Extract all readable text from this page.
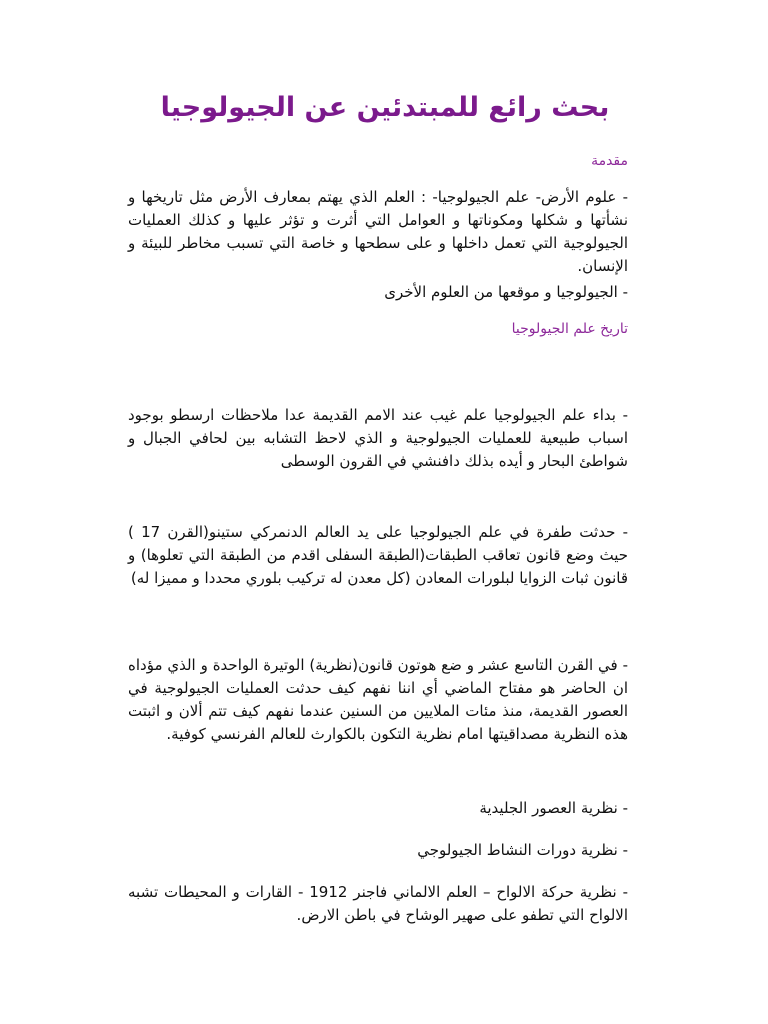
بحث رائع للمبتدئين عن الجيولوجيا

مقدمة

- علوم الأرض- علم الجيولوجيا- : العلم الذي يهتم بمعارف الأرض مثل تاريخها و نشأتها و شكلها ومكوناتها و العوامل التي أثرت و تؤثر عليها و كذلك العمليات الجيولوجية التي تعمل داخلها و على سطحها و خاصة التي تسبب مخاطر للبيئة و الإنسان.

- الجيولوجيا و موقعها من العلوم الأخرى

تاريخ علم الجيولوجيا

- بداء علم الجيولوجيا علم غيب عند الامم القديمة عدا ملاحظات ارسطو بوجود اسباب طبيعية للعمليات الجيولوجية و الذي لاحظ التشابه بين لحافي الجبال و شواطئ البحار و أيده بذلك دافنشي في القرون الوسطى

- حدثت طفرة في علم الجيولوجيا على يد العالم الدنمركي ستينو(القرن 17 ) حيث وضع قانون تعاقب الطبقات(الطبقة السفلى اقدم من الطبقة التي تعلوها) و قانون ثبات الزوايا لبلورات المعادن (كل معدن له تركيب بلوري محددا و مميزا له)

- في القرن التاسع عشر و ضع هوتون قانون(نظرية) الوتيرة الواحدة و الذي مؤداه ان الحاضر هو مفتاح الماضي أي اننا نفهم كيف حدثت العمليات الجيولوجية في العصور القديمة، منذ مئات الملايين من السنين عندما نفهم كيف تتم ألان و اثبتت هذه النظرية مصداقيتها امام نظرية التكون بالكوارث للعالم الفرنسي كوفية.

- نظرية العصور الجليدية

- نظرية دورات النشاط الجيولوجي

- نظرية حركة الالواح – العلم الالماني فاجنر 1912 - القارات و المحيطات تشبه الالواح التي تطفو على صهير الوشاح في باطن الارض.
